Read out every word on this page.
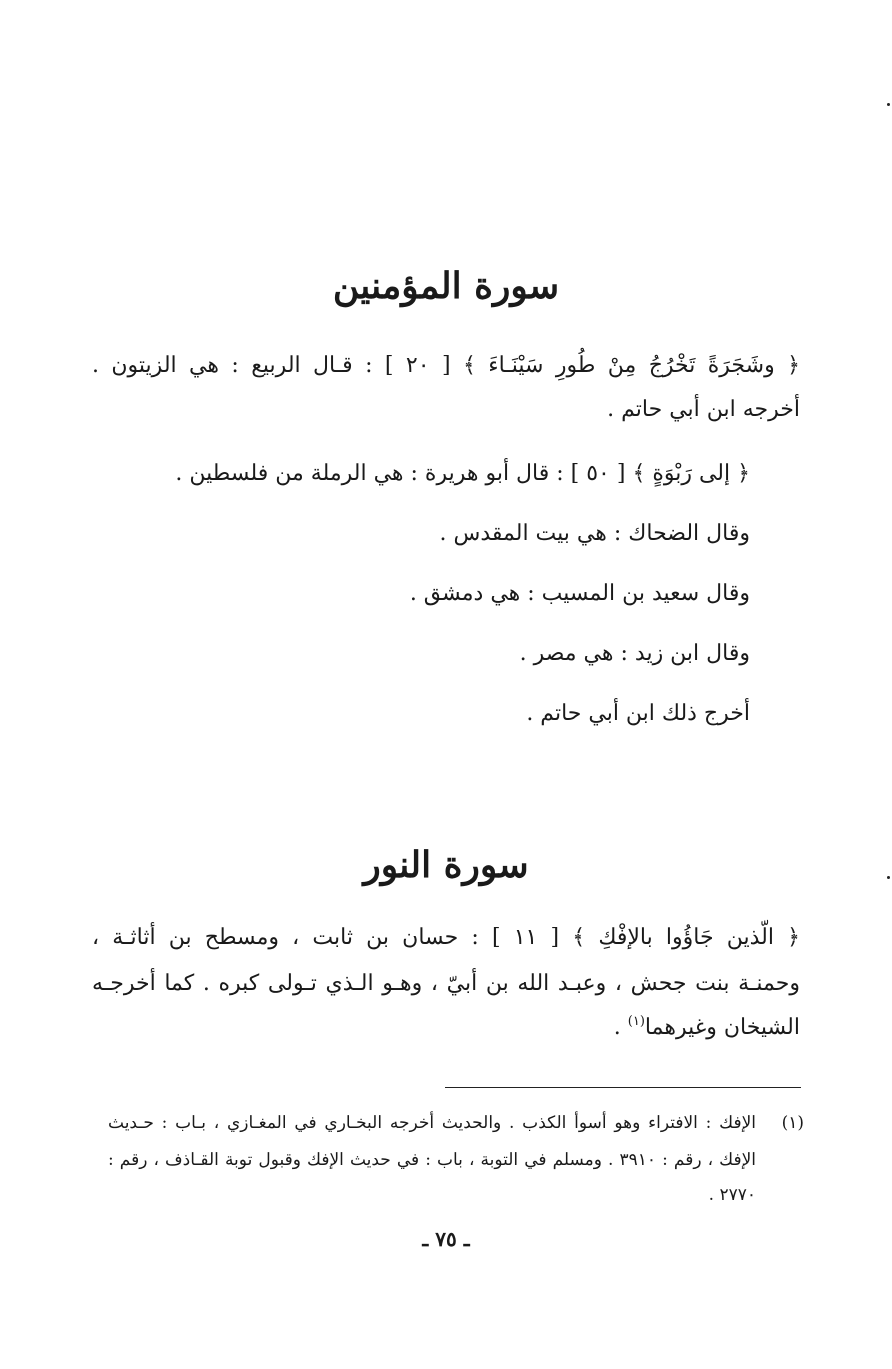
سورة المؤمنين
﴿ وشَجَرَةً تَخْرُجُ مِنْ طُورِ سَيْنَـاءَ ﴾ [ ٢٠ ] : قـال الربيع : هي الزيتون .
أخرجه ابن أبي حاتم .
﴿ إلى رَبْوَةٍ ﴾ [ ٥٠ ] : قال أبو هريرة : هي الرملة من فلسطين .
وقال الضحاك : هي بيت المقدس .
وقال سعيد بن المسيب : هي دمشق .
وقال ابن زيد : هي مصر .
أخرج ذلك ابن أبي حاتم .
سورة النور
﴿ الّذين جَاؤُوا بالإفْكِ ﴾ [ ١١ ] : حسان بن ثابت ، ومسطح بن أثاثـة ،
وحمنـة بنت جحش ، وعبـد الله بن أبيّ ، وهـو الـذي تـولى كبره . كما أخرجـه
الشيخان وغيرهما$^{(١)}$ .
(١)
الإفك : الافتراء وهو أسوأ الكذب . والحديث أخرجه البخـاري في المغـازي ، بـاب : حـديث
الإفك ، رقم : ٣٩١٠ . ومسلم في التوبة ، باب : في حديث الإفك وقبول توبة القـاذف ، رقم :
٢٧٧٠ .
ـ ٧٥ ـ
